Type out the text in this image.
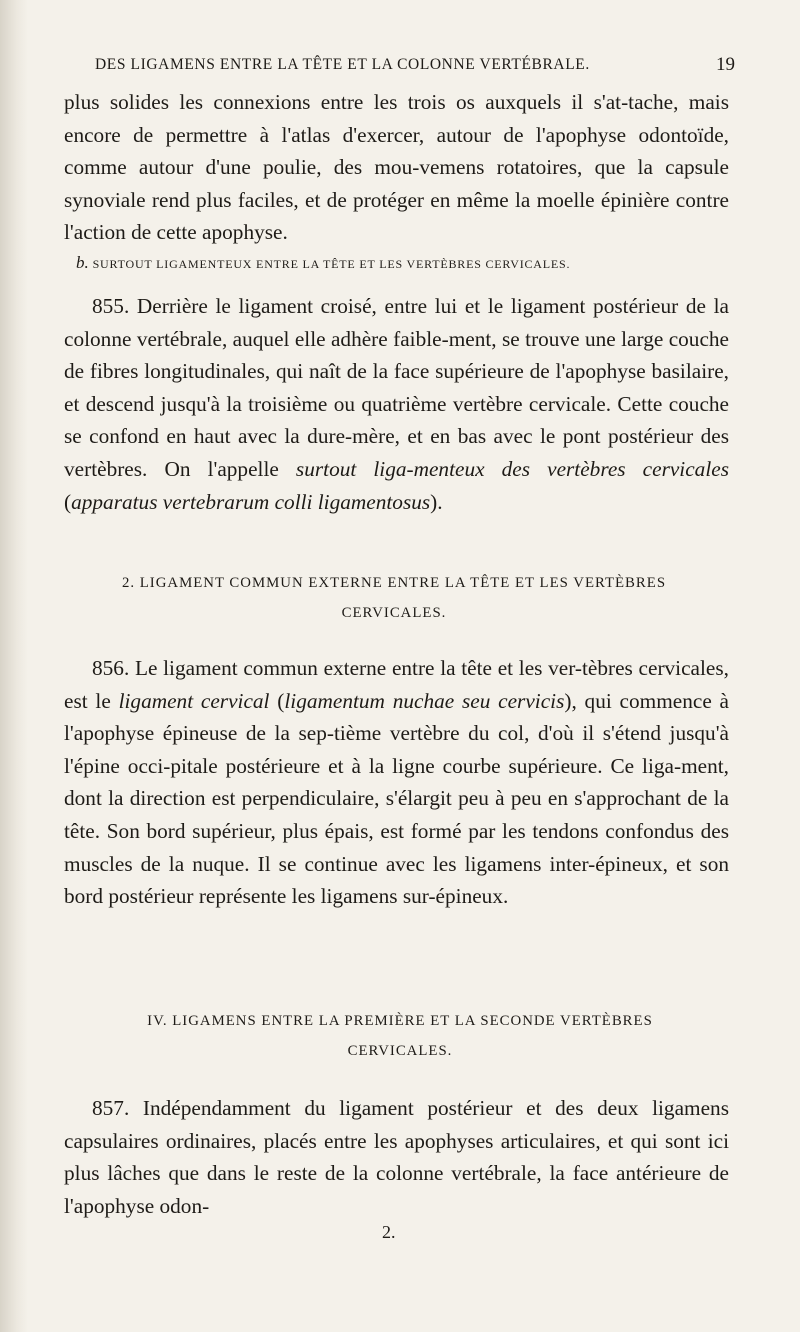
DES LIGAMENS ENTRE LA TÊTE ET LA COLONNE VERTÉBRALE.	19

plus solides les connexions entre les trois os auxquels il s'at-tache, mais encore de permettre à l'atlas d'exercer, autour de l'apophyse odontoïde, comme autour d'une poulie, des mou-vemens rotatoires, que la capsule synoviale rend plus faciles, et de protéger en même la moelle épinière contre l'action de cette apophyse.

b. SURTOUT LIGAMENTEUX ENTRE LA TÊTE ET LES VERTÈBRES CERVICALES.

855. Derrière le ligament croisé, entre lui et le ligament postérieur de la colonne vertébrale, auquel elle adhère faible-ment, se trouve une large couche de fibres longitudinales, qui naît de la face supérieure de l'apophyse basilaire, et descend jusqu'à la troisième ou quatrième vertèbre cervicale. Cette couche se confond en haut avec la dure-mère, et en bas avec le pont postérieur des vertèbres. On l'appelle surtout liga-menteux des vertèbres cervicales (apparatus vertebrarum colli ligamentosus).

2. LIGAMENT COMMUN EXTERNE ENTRE LA TÊTE ET LES VERTÈBRES CERVICALES.

856. Le ligament commun externe entre la tête et les ver-tèbres cervicales, est le ligament cervical (ligamentum nuchae seu cervicis), qui commence à l'apophyse épineuse de la sep-tième vertèbre du col, d'où il s'étend jusqu'à l'épine occi-pitale postérieure et à la ligne courbe supérieure. Ce liga-ment, dont la direction est perpendiculaire, s'élargit peu à peu en s'approchant de la tête. Son bord supérieur, plus épais, est formé par les tendons confondus des muscles de la nuque. Il se continue avec les ligamens inter-épineux, et son bord postérieur représente les ligamens sur-épineux.

IV. LIGAMENS ENTRE LA PREMIÈRE ET LA SECONDE VERTÈBRES CERVICALES.

857. Indépendamment du ligament postérieur et des deux ligamens capsulaires ordinaires, placés entre les apophyses articulaires, et qui sont ici plus lâches que dans le reste de la colonne vertébrale, la face antérieure de l'apophyse odon-

2.
